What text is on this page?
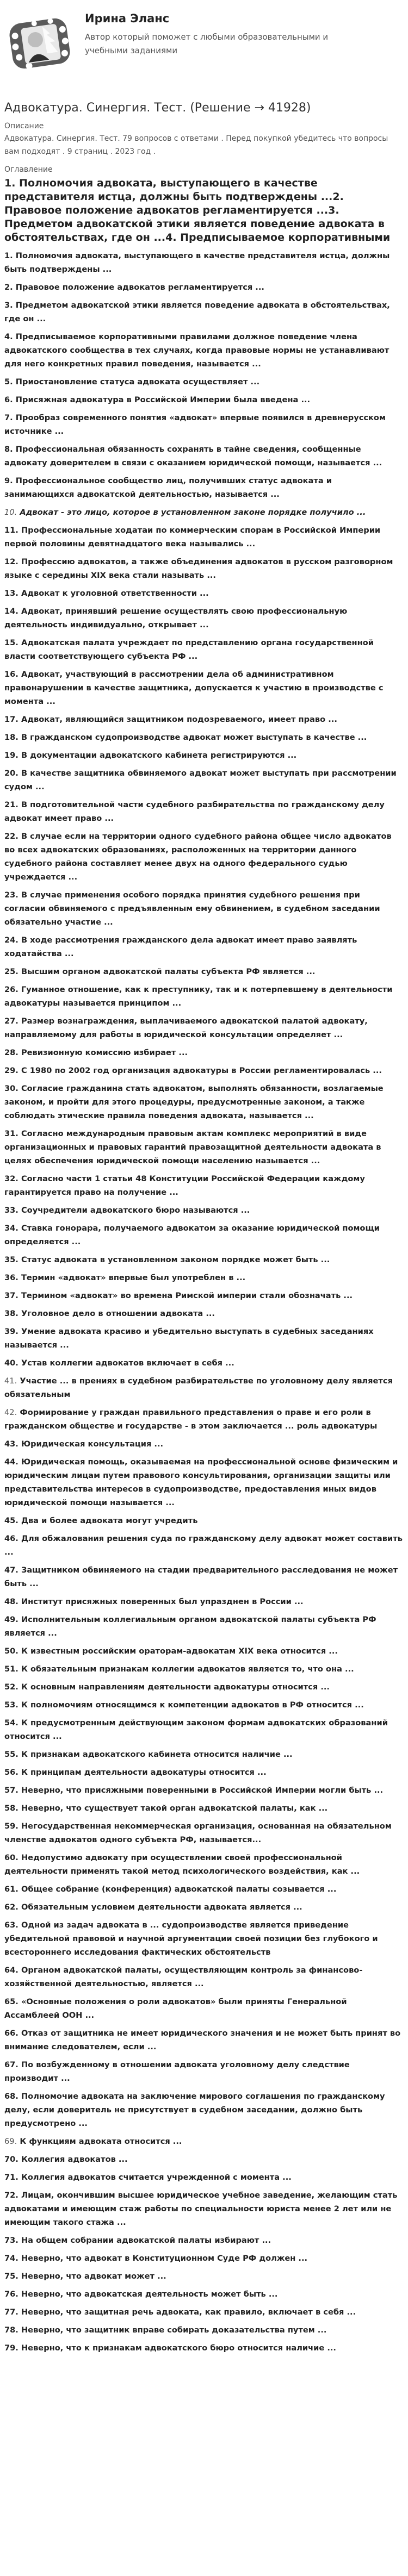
Ирина Эланс
Автор который поможет с любыми образовательными и учебными заданиями
Адвокатура. Синергия. Тест. (Решение → 41928)
Описание
Адвокатура. Синергия. Тест. 79 вопросов с ответами . Перед покупкой убедитесь что вопросы вам подходят . 9 страниц . 2023 год .
Оглавление
1. Полномочия адвоката, выступающего в качестве представителя истца, должны быть подтверждены ...2. Правовое положение адвокатов регламентируется ...3. Предметом адвокатской этики является поведение адвоката в обстоятельствах, где он ...4. Предписываемое корпоративными
1. Полномочия адвоката, выступающего в качестве представителя истца, должны быть подтверждены ...
2. Правовое положение адвокатов регламентируется ...
3. Предметом адвокатской этики является поведение адвоката в обстоятельствах, где он ...
4. Предписываемое корпоративными правилами должное поведение члена адвокатского сообщества в тех случаях, когда правовые нормы не устанавливают для него конкретных правил поведения, называется ...
5. Приостановление статуса адвоката осуществляет ...
6. Присяжная адвокатура в Российской Империи была введена ...
7. Прообраз современного понятия «адвокат» впервые появился в древнерусском источнике ...
8. Профессиональная обязанность сохранять в тайне сведения, сообщенные адвокату доверителем в связи с оказанием юридической помощи, называется ...
9. Профессиональное сообщество лиц, получивших статус адвоката и занимающихся адвокатской деятельностью, называется ...
10. Адвокат - это лицо, которое в установленном законе порядке получило ...
11. Профессиональные ходатаи по коммерческим спорам в Российской Империи первой половины девятнадцатого века назывались ...
12. Профессию адвокатов, а также объединения адвокатов в русском разговорном языке с середины XIX века стали называть ...
13. Адвокат к уголовной ответственности ...
14. Адвокат, принявший решение осуществлять свою профессиональную деятельность индивидуально, открывает ...
15. Адвокатская палата учреждает по представлению органа государственной власти соответствующего субъекта РФ ...
16. Адвокат, участвующий в рассмотрении дела об административном правонарушении в качестве защитника, допускается к участию в производстве с момента ...
17. Адвокат, являющийся защитником подозреваемого, имеет право ...
18. В гражданском судопроизводстве адвокат может выступать в качестве ...
19. В документации адвокатского кабинета регистрируются ...
20. В качестве защитника обвиняемого адвокат может выступать при рассмотрении судом ...
21. В подготовительной части судебного разбирательства по гражданскому делу адвокат имеет право ...
22. В случае если на территории одного судебного района общее число адвокатов во всех адвокатских образованиях, расположенных на территории данного судебного района составляет менее двух на одного федерального судью учреждается ...
23. В случае применения особого порядка принятия судебного решения при согласии обвиняемого с предъявленным ему обвинением, в судебном заседании обязательно участие ...
24. В ходе рассмотрения гражданского дела адвокат имеет право заявлять ходатайства ...
25. Высшим органом адвокатской палаты субъекта РФ является ...
26. Гуманное отношение, как к преступнику, так и к потерпевшему в деятельности адвокатуры называется принципом ...
27. Размер вознаграждения, выплачиваемого адвокатской палатой адвокату, направляемому для работы в юридической консультации определяет ...
28. Ревизионную комиссию избирает ...
29. С 1980 по 2002 год организация адвокатуры в России регламентировалась ...
30. Согласие гражданина стать адвокатом, выполнять обязанности, возлагаемые законом, и пройти для этого процедуры, предусмотренные законом, а также соблюдать этические правила поведения адвоката, называется ...
31. Согласно международным правовым актам комплекс мероприятий в виде организационных и правовых гарантий правозащитной деятельности адвоката в целях обеспечения юридической помощи населению называется ...
32. Согласно части 1 статьи 48 Конституции Российской Федерации каждому гарантируется право на получение ...
33. Соучредители адвокатского бюро называются ...
34. Ставка гонорара, получаемого адвокатом за оказание юридической помощи определяется ...
35. Статус адвоката в установленном законом порядке может быть ...
36. Термин «адвокат» впервые был употреблен в ...
37. Термином «адвокат» во времена Римской империи стали обозначать ...
38. Уголовное дело в отношении адвоката ...
39. Умение адвоката красиво и убедительно выступать в судебных заседаниях называется ...
40. Устав коллегии адвокатов включает в себя ...
41. Участие ... в прениях в судебном разбирательстве по уголовному делу является обязательным
42. Формирование у граждан правильного представления о праве и его роли в гражданском обществе и государстве - в этом заключается ... роль адвокатуры
43. Юридическая консультация ...
44. Юридическая помощь, оказываемая на профессиональной основе физическим и юридическим лицам путем правового консультирования, организации защиты или представительства интересов в судопроизводстве, предоставления иных видов юридической помощи называется ...
45. Два и более адвоката могут учредить
46. Для обжалования решения суда по гражданскому делу адвокат может составить ...
47. Защитником обвиняемого на стадии предварительного расследования не может быть ...
48. Институт присяжных поверенных был упразднен в России ...
49. Исполнительным коллегиальным органом адвокатской палаты субъекта РФ является ...
50. К известным российским ораторам-адвокатам XIX века относится ...
51. К обязательным признакам коллегии адвокатов является то, что она ...
52. К основным направлениям деятельности адвокатуры относится ...
53. К полномочиям относящимся к компетенции адвокатов в РФ относится ...
54. К предусмотренным действующим законом формам адвокатских образований относится ...
55. К признакам адвокатского кабинета относится наличие ...
56. К принципам деятельности адвокатуры относится ...
57. Неверно, что присяжными поверенными в Российской Империи могли быть ...
58. Неверно, что существует такой орган адвокатской палаты, как ...
59. Негосударственная некоммерческая организация, основанная на обязательном членстве адвокатов одного субъекта РФ, называется...
60. Недопустимо адвокату при осуществлении своей профессиональной деятельности применять такой метод психологического воздействия, как ...
61. Общее собрание (конференция) адвокатской палаты созывается ...
62. Обязательным условием деятельности адвоката является ...
63. Одной из задач адвоката в ... судопроизводстве является приведение убедительной правовой и научной аргументации своей позиции без глубокого и всестороннего исследования фактических обстоятельств
64. Органом адвокатской палаты, осуществляющим контроль за финансово-хозяйственной деятельностью, является ...
65. «Основные положения о роли адвокатов» были приняты Генеральной Ассамблеей ООН ...
66. Отказ от защитника не имеет юридического значения и не может быть принят во внимание следователем, если ...
67. По возбужденному в отношении адвоката уголовному делу следствие производит ...
68. Полномочие адвоката на заключение мирового соглашения по гражданскому делу, если доверитель не присутствует в судебном заседании, должно быть предусмотрено ...
69. К функциям адвоката относится ...
70. Коллегия адвокатов ...
71. Коллегия адвокатов считается учрежденной с момента ...
72. Лицам, окончившим высшее юридическое учебное заведение, желающим стать адвокатами и имеющим стаж работы по специальности юриста менее 2 лет или не имеющим такого стажа ...
73. На общем собрании адвокатской палаты избирают ...
74. Неверно, что адвокат в Конституционном Суде РФ должен ...
75. Неверно, что адвокат может ...
76. Неверно, что адвокатская деятельность может быть ...
77. Неверно, что защитная речь адвоката, как правило, включает в себя ...
78. Неверно, что защитник вправе собирать доказательства путем ...
79. Неверно, что к признакам адвокатского бюро относится наличие ...
